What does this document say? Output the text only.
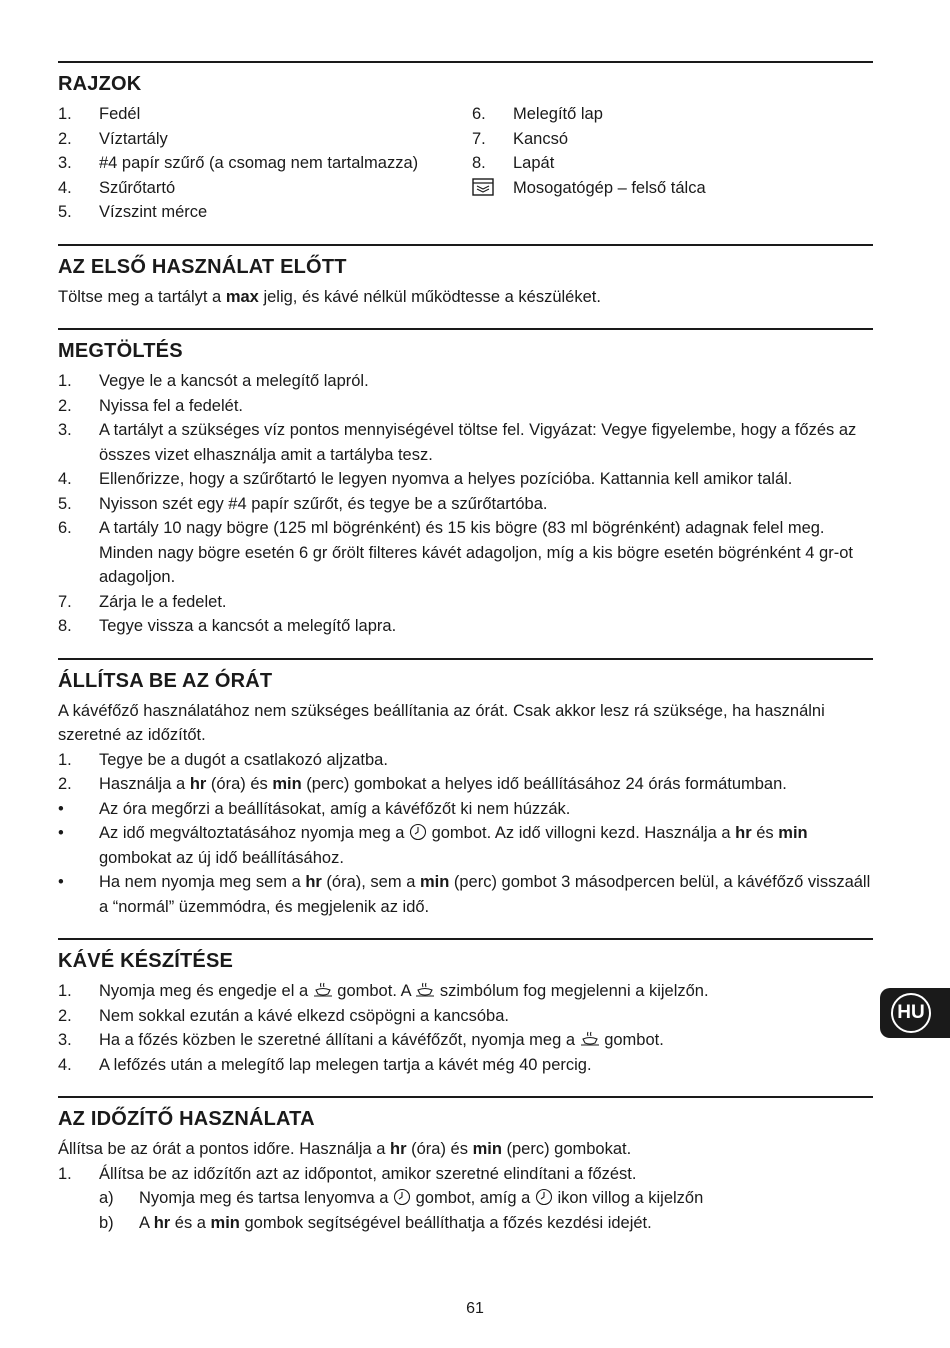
RAJZOK
1.	Fedél
2.	Víztartály
3.	#4 papír szűrő (a csomag nem tartalmazza)
4.	Szűrőtartó
5.	Vízszint mérce
6.	Melegítő lap
7.	Kancsó
8.	Lapát
Mosogatógép – felső tálca
AZ ELSŐ HASZNÁLAT ELŐTT
Töltse meg a tartályt a max jelig, és kávé nélkül működtesse a készüléket.
MEGTÖLTÉS
1.	Vegye le a kancsót a melegítő lapról.
2.	Nyissa fel a fedelét.
3.	A tartályt a szükséges víz pontos mennyiségével töltse fel. Vigyázat: Vegye figyelembe, hogy a főzés az összes vizet elhasználja amit a tartályba tesz.
4.	Ellenőrizze, hogy a szűrőtartó le legyen nyomva a helyes pozícióba. Kattannia kell amikor talál.
5.	Nyisson szét egy #4 papír szűrőt, és tegye be a szűrőtartóba.
6.	A tartály 10 nagy bögre (125 ml bögrénként) és 15 kis bögre (83 ml bögrénként) adagnak felel meg. Minden nagy bögre esetén 6 gr őrölt filteres kávét adagoljon, míg a kis bögre esetén bögrénként 4 gr-ot adagoljon.
7.	Zárja le a fedelet.
8.	Tegye vissza a kancsót a melegítő lapra.
ÁLLÍTSA BE AZ ÓRÁT
A kávéfőző használatához nem szükséges beállítania az órát. Csak akkor lesz rá szüksége, ha használni szeretné az időzítőt.
1.	Tegye be a dugót a csatlakozó aljzatba.
2.	Használja a hr (óra) és min (perc) gombokat a helyes idő beállításához 24 órás formátumban.
•	Az óra megőrzi a beállításokat, amíg a kávéfőzőt ki nem húzzák.
•	Az idő megváltoztatásához nyomja meg a  gombot. Az idő villogni kezd. Használja a hr és min gombokat az új idő beállításához.
•	Ha nem nyomja meg sem a hr (óra), sem a min (perc) gombot 3 másodpercen belül, a kávéfőző visszaáll a “normál” üzemmódra, és megjelenik az idő.
KÁVÉ KÉSZÍTÉSE
1.	Nyomja meg és engedje el a  gombot. A  szimbólum fog megjelenni a kijelzőn.
2.	Nem sokkal ezután a kávé elkezd csöpögni a kancsóba.
3.	Ha a főzés közben le szeretné állítani a kávéfőzőt, nyomja meg a  gombot.
4.	A lefőzés után a melegítő lap melegen tartja a kávét még 40 percig.
AZ IDŐZÍTŐ HASZNÁLATA
Állítsa be az órát a pontos időre. Használja a hr (óra) és min (perc) gombokat.
1.	Állítsa be az időzítőn azt az időpontot, amikor szeretné elindítani a főzést.
a)	Nyomja meg és tartsa lenyomva a  gombot, amíg a  ikon villog a kijelzőn
b)	A hr és a min gombok segítségével beállíthatja a főzés kezdési idejét.
HU
61
